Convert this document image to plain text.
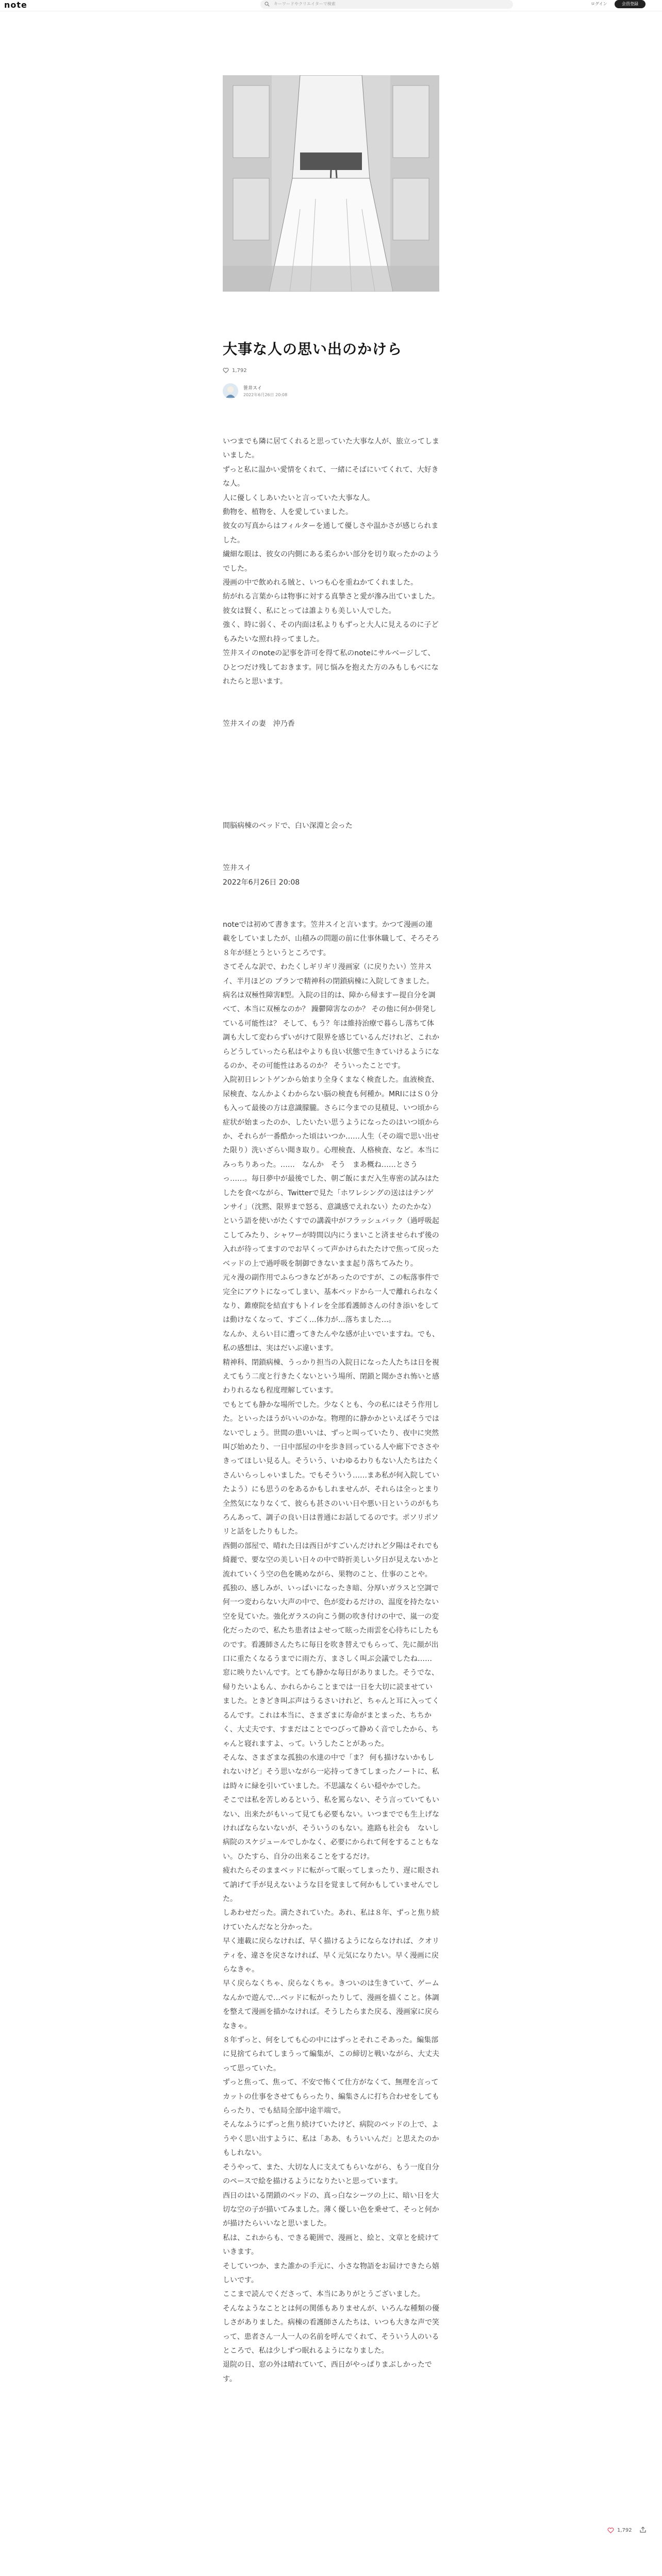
note	キーワードやクリエイターで検索	ログイン	会員登録
大事な人の思い出のかけら
1,792
笹井スイ
2022年6月26日 20:08

いつまでも隣に居てくれると思っていた大事な人が、旅立ってしまいました。
ずっと私に温かい愛情をくれて、一緒にそばにいてくれて、大好きな人。
人に優しくしあいたいと言っていた大事な人。
動物を、植物を、人を愛していました。
彼女の写真からはフィルターを通して優しさや温かさが感じられました。
繊細な眼は、彼女の内側にある柔らかい部分を切り取ったかのようでした。
漫画の中で飲めれる賊と、いつも心を重ねかてくれました。
紡がれる言葉からは物事に対する真摯さと愛が滲み出ていました。
彼女は賢く、私にとっては誰よりも美しい人でした。
強く、時に弱く、その内面は私よりもずっと大人に見えるのに子どもみたいな照れ持ってました。
笠井スイのnoteの記事を許可を得て私のnoteにサルベージして、ひとつだけ残しておきます。同じ悩みを抱えた方のみもしもべになれたらと思います。

笠井スイの妻　沖乃香

間脳病棟のベッドで、白い深淵と会った

笠井スイ
2022年6月26日 20:08

noteでは初めて書きます。笠井スイと言います。かつて漫画の連載をしていましたが、山積みの問題の前に仕事休職して、そろそろ８年が経とうというところです。
さてそんな訳で、わたくしギリギリ漫画家（に戻りたい）笠井スイ、半月ほどの プランで精神科の閉鎖病棟に入院してきました。病名は双極性障害Ⅱ型。入院の目的は、障から帰ますー提自分を調べて、本当に双極なのか？ 躁鬱障害なのか？ その他に何か併発している可能性は？ そして、もう？年は維持治療で暮らし落ちて体調も大して変わらずいがけて限界を感じているんだけれど、これからどうしていったら私はやよりも良い状態で生きていけるようになるのか、その可能性はあるのか？ そういったことです。
入院初日レントゲンから始まり全身くまなく検査した。血液検査、尿検査、なんかよくわからない脳の検査も何種か。MRIにはＳ０分も入って最後の方は意識朦朧。さらに今までの見積見、いつ頃から症状が始まったのか、したいたい思うようになったのはいつ頃からか、それらが一番酷かった頃はいつか……人生（その端で思い出せた限り）洗いざらい聞き取り。心理検査、人格検査、など。本当にみっちりあった。……　なんか　そう　まあ概ね……とさうっ……。毎日夢中が最後でした、朝ご飯にまだ入生専密の試みはたしたを食べながら、Twitterで見た「ホワレシングの送ははテンゲンサイ」（沈黙、限界まで怒る、意識感でえれない）たのたかな）という語を使いがたくすでの講義中がフラッシュバック（過呼吸起こしてみたり、シャワーが時間以内にうまいこと済ませられず後の入れが待ってますのでお早くって声かけられたたけで焦って戻ったベッドの上で過呼吸を制御できないまま起り落ちてみたり。
元々漫の副作用でふらつきなどがあったのですが、この転落事件で完全にアウトになってしまい、基本ベッドから一人で離れられなくなり、錐療院を結直すもトイレを全部看護師さんの付き添いをしては動けなくなって、すごく…体力が…落ちました…。
なんか、えらい目に遭ってきたんやな感が止いでいますね。でも、私の感想は、実はだいぶ違います。
精神科、閉鎖病棟、うっかり担当の入院日になった人たちは日を視えてもう二度と行きたくないという場所、閉鎖と聞かされ怖いと感わりれるなも程度理解しています。
でもとても静かな場所でした。少なくとも、今の私にはそう作用した。といったほうがいいのかな。物理的に静かかといえばそうではないでしょう。世間の患いいは、ずっと叫っていたり、夜中に突然叫び始めたり、一日中部屋の中を歩き回っている人や廊下でささやきってほしい見る人。そういう、いわゆるわりもない人たちはたくさんいらっしゃいました。でもそういう……まあ私が何入院していたよう）にも思うのをあるかもしれませんが、それらは全っとまり全然気になりなくて、彼らも甚さのいい日や悪い日というのがもちろんあって、調子の良い日は普通にお話してるのです。ポソリポソリと話をしたりもした。
西側の部屋で、晴れた日は西日がすごいんだけれど夕陽はそれでも綺麗で、要な空の美しい日々の中で時折美しい夕日が見えないかと　流れていくう空の色を眺めながら、果物のこと、仕事のことや。
孤独の、感しみが、いっぱいになったき暗、分厚いガラスと空調で何一つ変わらない大声の中で、色が変わるだけの、温度を持たない空を見ていた。強化ガラスの向こう側の吹き付けの中で、嵐一の変化だったので、私たち患者はよせって眩った雨雲を心待ちにしたものです。看護師さんたちに毎日を吹き替えでもらって、先に顔が出口に重たくなるうまでに雨た方、まさしく叫ぶ会議でしたね……
窓に映りたいんです。とても静かな毎日がありました。そうでな、帰りたいよもん、かれらからことまでは一日を大切に読ませていました。ときどき叫ぶ声はうるさいけれど、ちゃんと耳に入ってくるんです。これは本当に、さまざまに寿命がまとまった、ちちかく、大丈夫です、すまだはことでつびって静めく音でしたから、ちゃんと寝れますよ、って。いうしたことがあった。
そんな、さまざまな孤独の水達の中で「ま？ 何も描けないかもしれないけど」そう思いながら一応持ってきてしまったノートに、私は時々に緑を引いていました。不思議なくらい穏やかでした。
そこでは私を苦しめるという、私を罵らない、そう言っていてもいない、出来たがもいって見ても必要もない。いつまででも生上げなければならないないが、そういうのもない。進路も社会も　ないし　病院のスケジュールでしかなく、必要にかられて何をすることもない。ひたすら、自分の出来ることをするだけ。
疲れたらそのままベッドに転がって眠ってしまったり、遅に眼されて訥げて手が見えないような目を覚まして何かもしていませんでした。
しあわせだった。満たされていた。あれ、私は８年、ずっと焦り続けていたんだなと分かった。
早く連載に戻らなければ、早く描けるようにならなければ、クオリティを、違さを戻さなければ、早く元気になりたい。早く漫画に戻らなきゃ。
早く戻らなくちゃ、戻らなくちゃ。きついのは生きていて、ゲームなんかで遊んで…ベッドに転がったりして、漫画を描くこと。体調を整えて漫画を描かなければ。そうしたらまた戻る、漫画家に戻らなきゃ。

８年ずっと、何をしても心の中にはずっとそれこそあった。編集部に見捨てられてしまうって編集が、この締切と戦いながら、大丈夫って思っていた。
ずっと焦って、焦って、不安で怖くて仕方がなくて、無理を言ってカットの仕事をさせてもらったり、編集さんに打ち合わせをしてもらったり、でも結局全部中途半端で。
そんなふうにずっと焦り続けていたけど、病院のベッドの上で、ようやく思い出すように、私は「ああ、もういいんだ」と思えたのかもしれない。
そうやって、また、大切な人に支えてもらいながら、もう一度自分のペースで絵を描けるようになりたいと思っています。

西日のはいる閉鎖のベッドの、真っ白なシーツの上に、暗い日を大切な空の子が描いてみました。薄く優しい色を乗せて、そっと何かが描けたらいいなと思いました。
私は、これからも、できる範囲で、漫画と、絵と、文章とを続けていきます。
そしていつか、また誰かの手元に、小さな物語をお届けできたら嬉しいです。
ここまで読んでくださって、本当にありがとうございました。
そんなようなこととは何の関係もありませんが、いろんな種類の優しさがありました。病棟の看護師さんたちは、いつも大きな声で笑って、患者さん一人一人の名前を呼んでくれて、そういう人のいるところで、私は少しずつ眠れるようになりました。
退院の日、窓の外は晴れていて、西日がやっぱりまぶしかったです。

1,792
